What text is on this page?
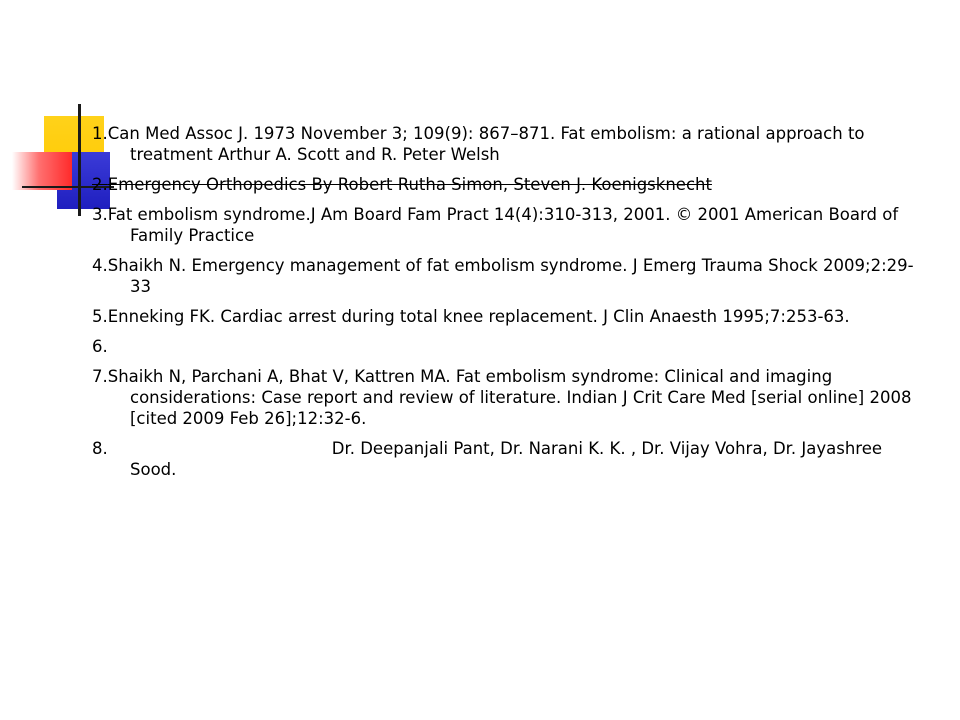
1.Can Med Assoc J. 1973 November 3; 109(9): 867–871. Fat embolism: a rational approach to treatment Arthur A. Scott and R. Peter Welsh
2.Emergency Orthopedics By Robert Rutha Simon, Steven J. Koenigsknecht
3.Fat embolism syndrome.J Am Board Fam Pract 14(4):310-313, 2001. © 2001 American Board of Family Practice
4.Shaikh N. Emergency management of fat embolism syndrome. J Emerg Trauma Shock 2009;2:29-33
5.Enneking FK. Cardiac arrest during total knee replacement. J Clin Anaesth 1995;7:253-63.
6.
7.Shaikh N, Parchani A, Bhat V, Kattren MA. Fat embolism syndrome: Clinical and imaging considerations: Case report and review of literature. Indian J Crit Care Med [serial online] 2008 [cited 2009 Feb 26];12:32-6.
8.	Dr. Deepanjali Pant, Dr. Narani K. K. , Dr. Vijay Vohra, Dr. Jayashree Sood.
